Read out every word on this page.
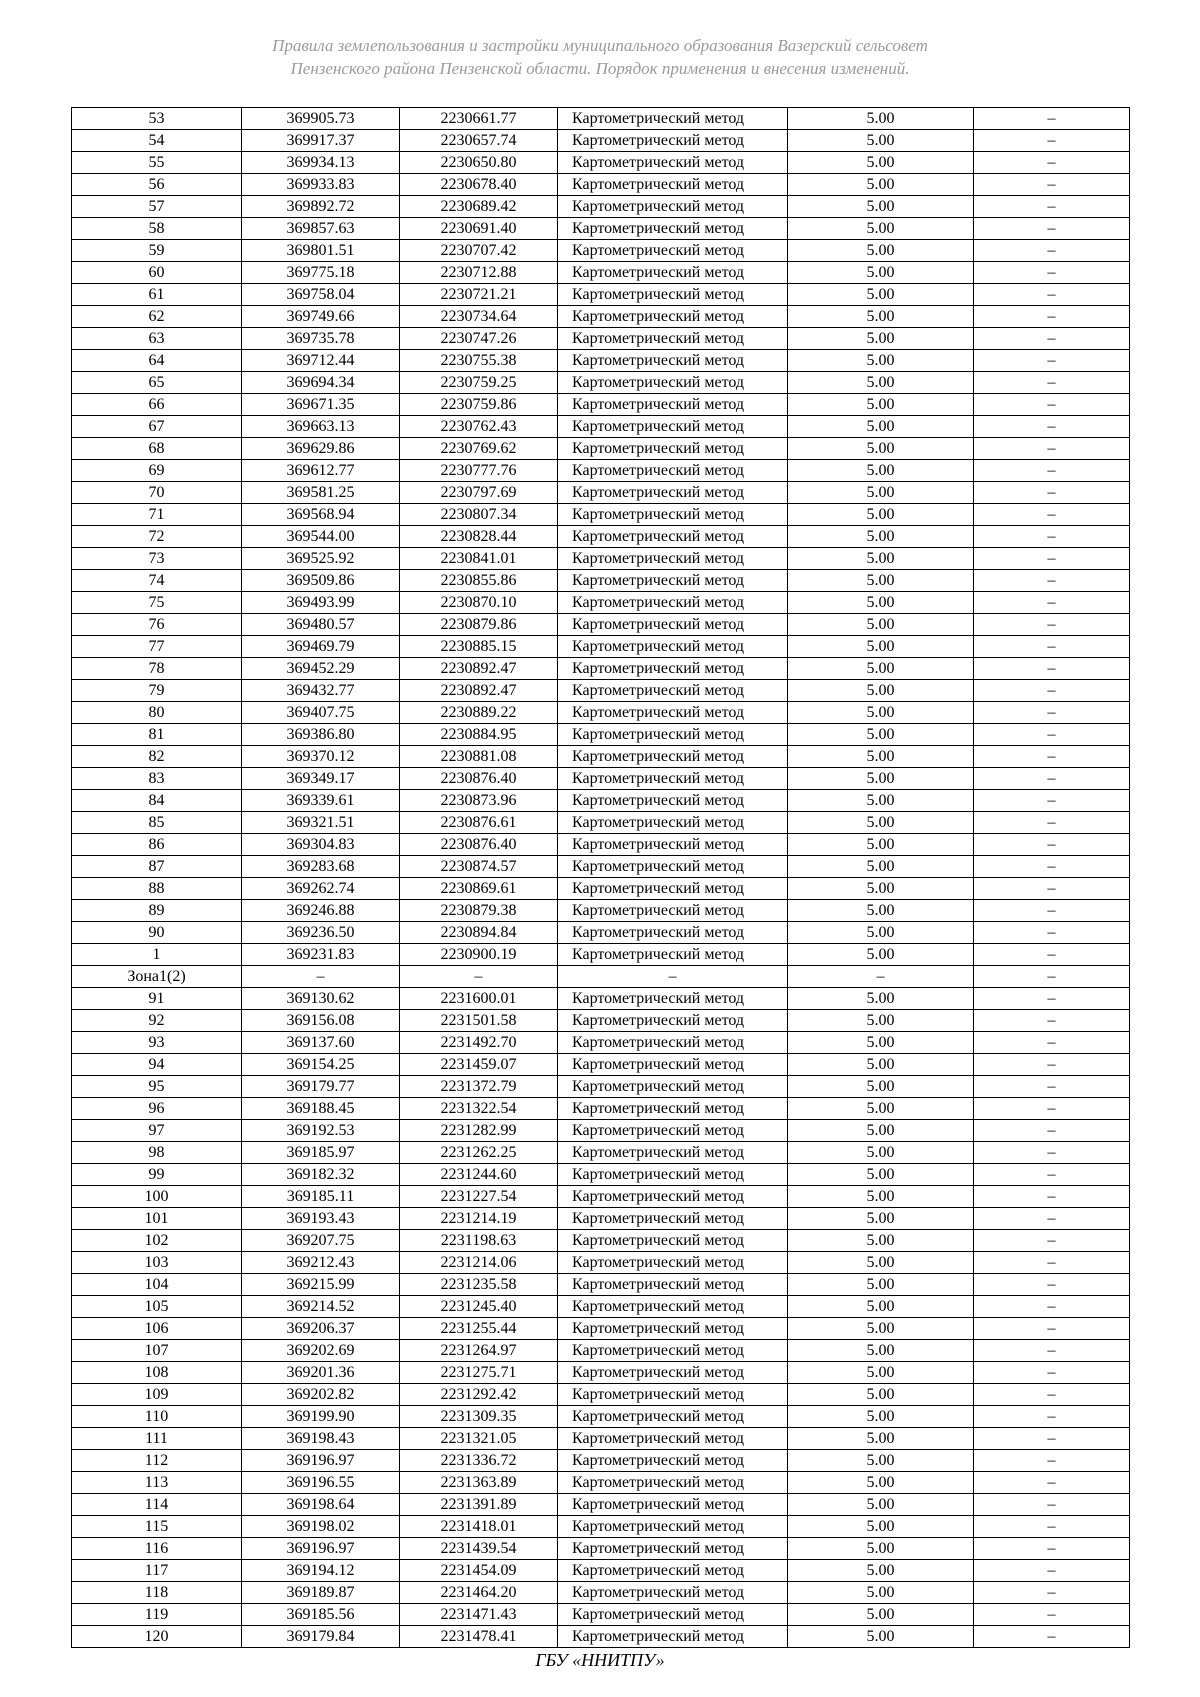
Правила землепользования и застройки муниципального образования Вазерский сельсовет
Пензенского района Пензенской области. Порядок применения и внесения изменений.
53	369905.73	2230661.77	Картометрический метод	5.00	–
54	369917.37	2230657.74	Картометрический метод	5.00	–
55	369934.13	2230650.80	Картометрический метод	5.00	–
56	369933.83	2230678.40	Картометрический метод	5.00	–
57	369892.72	2230689.42	Картометрический метод	5.00	–
58	369857.63	2230691.40	Картометрический метод	5.00	–
59	369801.51	2230707.42	Картометрический метод	5.00	–
60	369775.18	2230712.88	Картометрический метод	5.00	–
61	369758.04	2230721.21	Картометрический метод	5.00	–
62	369749.66	2230734.64	Картометрический метод	5.00	–
63	369735.78	2230747.26	Картометрический метод	5.00	–
64	369712.44	2230755.38	Картометрический метод	5.00	–
65	369694.34	2230759.25	Картометрический метод	5.00	–
66	369671.35	2230759.86	Картометрический метод	5.00	–
67	369663.13	2230762.43	Картометрический метод	5.00	–
68	369629.86	2230769.62	Картометрический метод	5.00	–
69	369612.77	2230777.76	Картометрический метод	5.00	–
70	369581.25	2230797.69	Картометрический метод	5.00	–
71	369568.94	2230807.34	Картометрический метод	5.00	–
72	369544.00	2230828.44	Картометрический метод	5.00	–
73	369525.92	2230841.01	Картометрический метод	5.00	–
74	369509.86	2230855.86	Картометрический метод	5.00	–
75	369493.99	2230870.10	Картометрический метод	5.00	–
76	369480.57	2230879.86	Картометрический метод	5.00	–
77	369469.79	2230885.15	Картометрический метод	5.00	–
78	369452.29	2230892.47	Картометрический метод	5.00	–
79	369432.77	2230892.47	Картометрический метод	5.00	–
80	369407.75	2230889.22	Картометрический метод	5.00	–
81	369386.80	2230884.95	Картометрический метод	5.00	–
82	369370.12	2230881.08	Картометрический метод	5.00	–
83	369349.17	2230876.40	Картометрический метод	5.00	–
84	369339.61	2230873.96	Картометрический метод	5.00	–
85	369321.51	2230876.61	Картометрический метод	5.00	–
86	369304.83	2230876.40	Картометрический метод	5.00	–
87	369283.68	2230874.57	Картометрический метод	5.00	–
88	369262.74	2230869.61	Картометрический метод	5.00	–
89	369246.88	2230879.38	Картометрический метод	5.00	–
90	369236.50	2230894.84	Картометрический метод	5.00	–
1	369231.83	2230900.19	Картометрический метод	5.00	–
Зона1(2)	–	–	–	–	–
91	369130.62	2231600.01	Картометрический метод	5.00	–
92	369156.08	2231501.58	Картометрический метод	5.00	–
93	369137.60	2231492.70	Картометрический метод	5.00	–
94	369154.25	2231459.07	Картометрический метод	5.00	–
95	369179.77	2231372.79	Картометрический метод	5.00	–
96	369188.45	2231322.54	Картометрический метод	5.00	–
97	369192.53	2231282.99	Картометрический метод	5.00	–
98	369185.97	2231262.25	Картометрический метод	5.00	–
99	369182.32	2231244.60	Картометрический метод	5.00	–
100	369185.11	2231227.54	Картометрический метод	5.00	–
101	369193.43	2231214.19	Картометрический метод	5.00	–
102	369207.75	2231198.63	Картометрический метод	5.00	–
103	369212.43	2231214.06	Картометрический метод	5.00	–
104	369215.99	2231235.58	Картометрический метод	5.00	–
105	369214.52	2231245.40	Картометрический метод	5.00	–
106	369206.37	2231255.44	Картометрический метод	5.00	–
107	369202.69	2231264.97	Картометрический метод	5.00	–
108	369201.36	2231275.71	Картометрический метод	5.00	–
109	369202.82	2231292.42	Картометрический метод	5.00	–
110	369199.90	2231309.35	Картометрический метод	5.00	–
111	369198.43	2231321.05	Картометрический метод	5.00	–
112	369196.97	2231336.72	Картометрический метод	5.00	–
113	369196.55	2231363.89	Картометрический метод	5.00	–
114	369198.64	2231391.89	Картометрический метод	5.00	–
115	369198.02	2231418.01	Картометрический метод	5.00	–
116	369196.97	2231439.54	Картометрический метод	5.00	–
117	369194.12	2231454.09	Картометрический метод	5.00	–
118	369189.87	2231464.20	Картометрический метод	5.00	–
119	369185.56	2231471.43	Картометрический метод	5.00	–
120	369179.84	2231478.41	Картометрический метод	5.00	–
ГБУ «ННИТПУ»
